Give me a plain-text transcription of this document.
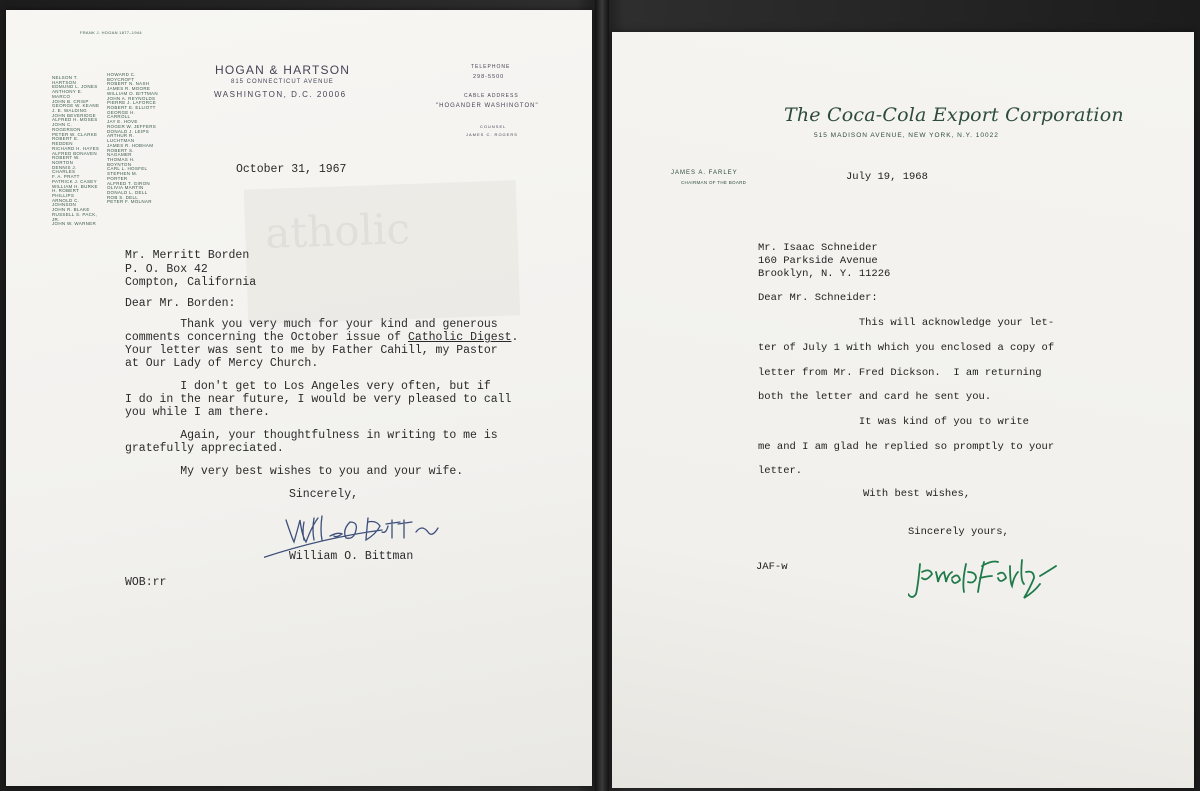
atholic
FRANK J. HOGAN 1877–1944
NELSON T. HARTSON
EDMUND L. JONES
ANTHONY E. MARCO
JOHN B. CRISP
GEORGE W. KEANE
J. E. WALDING
JOHN BEVERIDGE
ALFRED H. MOSES
JOHN C. ROGERSON
PETER W. CLARKE
ROBERT E. REDDEN
RICHARD H. HAYES
ALFRED BONAVEN
ROBERT W. NORTON
DENNIS J. CHARLES
F. A. PRATT
PATRICK J. CASEY
WILLIAM H. BURKE
H. ROBERT PHILLIPS
ARNOLD C. JOHNSON
JOHN R. BLAKE
RUSSELL S. PACK, JR.
JOHN W. WARNER
HOWARD C. BOYCROFT
ROBERT N. NASH
JAMES R. MOORE
WILLIAM O. BITTMAN
JOHN A. REYNOLDS
PIERRE J. LAFORCE
ROBERT E. ELLIOTT
GEORGE H. CARROLL
JAY E. HOVE
ROGER W. JEFFERS
DONALD J. LEIPS
ARTHUR R. LUCHTMAN
JAMES R. HOBHAM
ROBERT S. NAGAMER
THOMAS H. BOYNTON
CARL L. HOSFEL
STEPHEN M. PORTER
ALFRED T. GIRON
OLIVIA MARTIN
DONALD L. DELL
ROB S. DELL
PETER F. MOLNAR
HOGAN & HARTSON
815 CONNECTICUT AVENUE
WASHINGTON, D.C. 20006
TELEPHONE
298-5500
CABLE ADDRESS
"HOGANDER WASHINGTON"
COUNSEL
JAMES C. ROGERS
October 31, 1967
Mr. Merritt Borden
P. O. Box 42
Compton, California
Dear Mr. Borden:
Thank you very much for your kind and generous
comments concerning the October issue of Catholic Digest.
Your letter was sent to me by Father Cahill, my Pastor
at Our Lady of Mercy Church.
I don't get to Los Angeles very often, but if
I do in the near future, I would be very pleased to call
you while I am there.
Again, your thoughtfulness in writing to me is
gratefully appreciated.
My very best wishes to you and your wife.
Sincerely,
William O. Bittman
WOB:rr
The Coca-Cola Export Corporation
515 MADISON AVENUE, NEW YORK, N.Y. 10022
JAMES A. FARLEY
CHAIRMAN OF THE BOARD	July 19, 1968
Mr. Isaac Schneider
160 Parkside Avenue
Brooklyn, N. Y. 11226
Dear Mr. Schneider:
This will acknowledge your let-
ter of July 1 with which you enclosed a copy of
letter from Mr. Fred Dickson.  I am returning
both the letter and card he sent you.
It was kind of you to write
me and I am glad he replied so promptly to your
letter.
With best wishes,
Sincerely yours,
JAF-w
